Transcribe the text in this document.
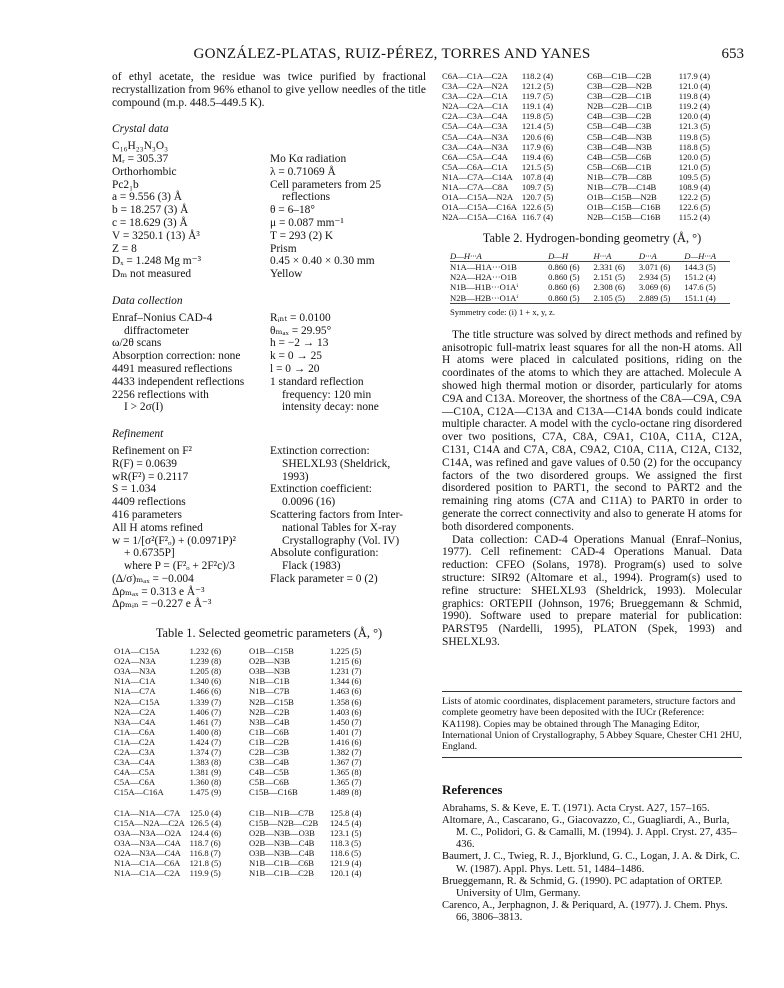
GONZÁLEZ-PLATAS, RUIZ-PÉREZ, TORRES AND YANES	653

of ethyl acetate, the residue was twice purified by fractional recrystallization from 96% ethanol to give yellow needles of the title compound (m.p. 448.5–449.5 K).

Crystal data
C₁₆H₂₃N₃O₃

Mᵣ = 305.37	Mo Kα radiation
Orthorhombic	λ = 0.71069 Å
Pc2₁b	Cell parameters from 25
a = 9.556 (3) Å	reflections
b = 18.257 (3) Å	θ = 6–18°
c = 18.629 (3) Å	μ = 0.087 mm⁻¹
V = 3250.1 (13) Å³	T = 293 (2) K
Z = 8	Prism
Dₓ = 1.248 Mg m⁻³	0.45 × 0.40 × 0.30 mm
Dₘ not measured	Yellow
Data collection
Enraf–Nonius CAD-4	Rᵢₙₜ = 0.0100
diffractometer	θₘₐₓ = 29.95°
ω/2θ scans	h = −2 → 13
Absorption correction: none	k = 0 → 25
4491 measured reflections	l = 0 → 20
4433 independent reflections	1 standard reflection
2256 reflections with	frequency: 120 min
I > 2σ(I)	intensity decay: none
Refinement
Refinement on F²	Extinction correction:
R(F) = 0.0639	SHELXL93 (Sheldrick,
wR(F²) = 0.2117	1993)
S = 1.034	Extinction coefficient:
4409 reflections	0.0096 (16)
416 parameters	Scattering factors from Inter-
All H atoms refined	national Tables for X-ray
w = 1/[σ²(F²ₒ) + (0.0971P)²	Crystallography (Vol. IV)
+ 0.6735P]	Absolute configuration:
where P = (F²ₒ + 2F²c)/3	Flack (1983)
(Δ/σ)ₘₐₓ = −0.004	Flack parameter = 0 (2)
Δρₘₐₓ = 0.313 e Å⁻³

Δρₘᵢₙ = −0.227 e Å⁻³

Table 1. Selected geometric parameters (Å, °)
O1A—C15A	1.232 (6)	O1B—C15B	1.225 (5)
O2A—N3A	1.239 (8)	O2B—N3B	1.215 (6)
O3A—N3A	1.205 (8)	O3B—N3B	1.231 (7)
N1A—C1A	1.340 (6)	N1B—C1B	1.344 (6)
N1A—C7A	1.466 (6)	N1B—C7B	1.463 (6)
N2A—C15A	1.339 (7)	N2B—C15B	1.358 (6)
N2A—C2A	1.406 (7)	N2B—C2B	1.403 (6)
N3A—C4A	1.461 (7)	N3B—C4B	1.450 (7)
C1A—C6A	1.400 (8)	C1B—C6B	1.401 (7)
C1A—C2A	1.424 (7)	C1B—C2B	1.416 (6)
C2A—C3A	1.374 (7)	C2B—C3B	1.382 (7)
C3A—C4A	1.383 (8)	C3B—C4B	1.367 (7)
C4A—C5A	1.381 (9)	C4B—C5B	1.365 (8)
C5A—C6A	1.360 (8)	C5B—C6B	1.365 (7)
C15A—C16A	1.475 (9)	C15B—C16B	1.489 (8)

C1A—N1A—C7A	125.0 (4)	C1B—N1B—C7B	125.8 (4)
C15A—N2A—C2A	126.5 (4)	C15B—N2B—C2B	124.5 (4)
O3A—N3A—O2A	124.4 (6)	O2B—N3B—O3B	123.1 (5)
O3A—N3A—C4A	118.7 (6)	O2B—N3B—C4B	118.3 (5)
O2A—N3A—C4A	116.8 (7)	O3B—N3B—C4B	118.6 (5)
N1A—C1A—C6A	121.8 (5)	N1B—C1B—C6B	121.9 (4)
N1A—C1A—C2A	119.9 (5)	N1B—C1B—C2B	120.1 (4)
C6A—C1A—C2A	118.2 (4)	C6B—C1B—C2B	117.9 (4)
C3A—C2A—N2A	121.2 (5)	C3B—C2B—N2B	121.0 (4)
C3A—C2A—C1A	119.7 (5)	C3B—C2B—C1B	119.8 (4)
N2A—C2A—C1A	119.1 (4)	N2B—C2B—C1B	119.2 (4)
C2A—C3A—C4A	119.8 (5)	C4B—C3B—C2B	120.0 (4)
C5A—C4A—C3A	121.4 (5)	C5B—C4B—C3B	121.3 (5)
C5A—C4A—N3A	120.6 (6)	C5B—C4B—N3B	119.8 (5)
C3A—C4A—N3A	117.9 (6)	C3B—C4B—N3B	118.8 (5)
C6A—C5A—C4A	119.4 (6)	C4B—C5B—C6B	120.0 (5)
C5A—C6A—C1A	121.5 (5)	C5B—C6B—C1B	121.0 (5)
N1A—C7A—C14A	107.8 (4)	N1B—C7B—C8B	109.5 (5)
N1A—C7A—C8A	109.7 (5)	N1B—C7B—C14B	108.9 (4)
O1A—C15A—N2A	120.7 (5)	O1B—C15B—N2B	122.2 (5)
O1A—C15A—C16A	122.6 (5)	O1B—C15B—C16B	122.6 (5)
N2A—C15A—C16A	116.7 (4)	N2B—C15B—C16B	115.2 (4)
Table 2. Hydrogen-bonding geometry (Å, °)
D—H···A	D—H	H···A	D···A	D—H···A
N1A—H1A···O1B	0.860 (6)	2.331 (6)	3.071 (6)	144.3 (5)
N2A—H2A···O1B	0.860 (5)	2.151 (5)	2.934 (5)	151.2 (4)
N1B—H1B···O1Aⁱ	0.860 (6)	2.308 (6)	3.069 (6)	147.6 (5)
N2B—H2B···O1Aⁱ	0.860 (5)	2.105 (5)	2.889 (5)	151.1 (4)
Symmetry code: (i) 1 + x, y, z.

The title structure was solved by direct methods and refined by anisotropic full-matrix least squares for all the non-H atoms. All H atoms were placed in calculated positions, riding on the coordinates of the atoms to which they are attached. Molecule A showed high thermal motion or disorder, particularly for atoms C9A and C13A. Moreover, the shortness of the C8A—C9A, C9A—C10A, C12A—C13A and C13A—C14A bonds could indicate multiple character. A model with the cyclo-octane ring disordered over two positions, C7A, C8A, C9A1, C10A, C11A, C12A, C131, C14A and C7A, C8A, C9A2, C10A, C11A, C12A, C132, C14A, was refined and gave values of 0.50 (2) for the occupancy factors of the two disordered groups. We assigned the first disordered position to PART1, the second to PART2 and the remaining ring atoms (C7A and C11A) to PART0 in order to generate the correct connectivity and also to generate H atoms for both disordered components.

Data collection: CAD-4 Operations Manual (Enraf–Nonius, 1977). Cell refinement: CAD-4 Operations Manual. Data reduction: CFEO (Solans, 1978). Program(s) used to solve structure: SIR92 (Altomare et al., 1994). Program(s) used to refine structure: SHELXL93 (Sheldrick, 1993). Molecular graphics: ORTEPII (Johnson, 1976; Brueggemann & Schmid, 1990). Software used to prepare material for publication: PARST95 (Nardelli, 1995), PLATON (Spek, 1993) and SHELXL93.

Lists of atomic coordinates, displacement parameters, structure factors and complete geometry have been deposited with the IUCr (Reference: KA1198). Copies may be obtained through The Managing Editor, International Union of Crystallography, 5 Abbey Square, Chester CH1 2HU, England.
References
Abrahams, S. & Keve, E. T. (1971). Acta Cryst. A27, 157–165.
Altomare, A., Cascarano, G., Giacovazzo, C., Guagliardi, A., Burla, M. C., Polidori, G. & Camalli, M. (1994). J. Appl. Cryst. 27, 435–436.
Baumert, J. C., Twieg, R. J., Bjorklund, G. C., Logan, J. A. & Dirk, C. W. (1987). Appl. Phys. Lett. 51, 1484–1486.
Brueggemann, R. & Schmid, G. (1990). PC adaptation of ORTEP. University of Ulm, Germany.
Carenco, A., Jerphagnon, J. & Periquard, A. (1977). J. Chem. Phys. 66, 3806–3813.
